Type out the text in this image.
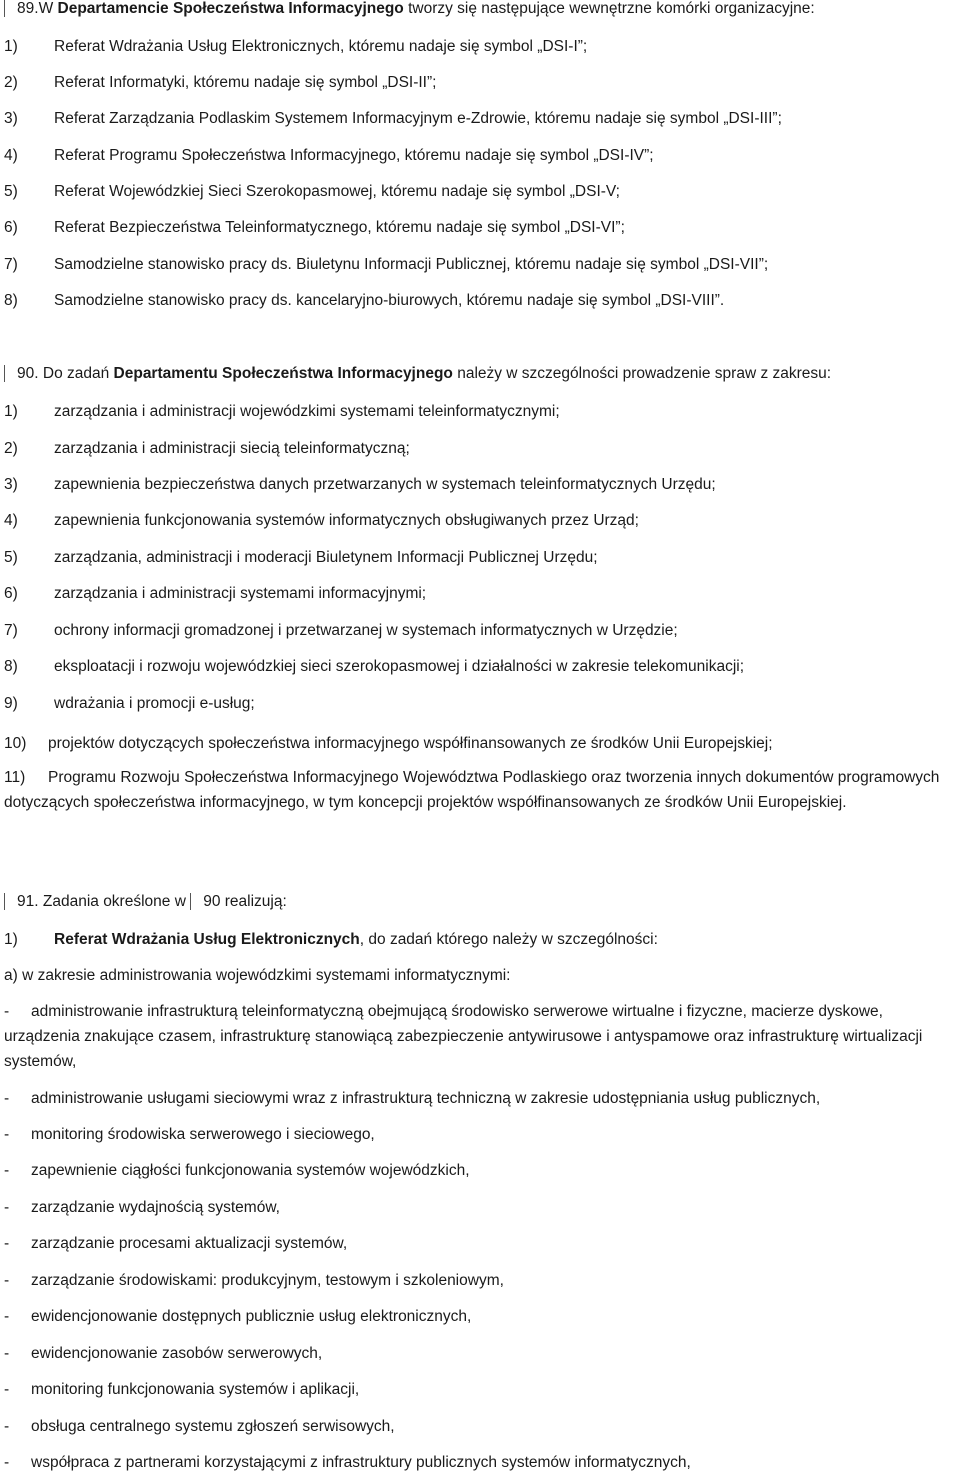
89.W Departamencie Społeczeństwa Informacyjnego tworzy się następujące wewnętrzne komórki organizacyjne:
1) Referat Wdrażania Usług Elektronicznych, któremu nadaje się symbol „DSI-I”;
2) Referat Informatyki, któremu nadaje się symbol „DSI-II”;
3) Referat Zarządzania Podlaskim Systemem Informacyjnym e-Zdrowie, któremu nadaje się symbol „DSI-III”;
4) Referat Programu Społeczeństwa Informacyjnego, któremu nadaje się symbol „DSI-IV”;
5) Referat Wojewódzkiej Sieci Szerokopasmowej, któremu nadaje się symbol „DSI-V;
6) Referat Bezpieczeństwa Teleinformatycznego, któremu nadaje się symbol „DSI-VI”;
7) Samodzielne stanowisko pracy ds. Biuletynu Informacji Publicznej, któremu nadaje się symbol „DSI-VII”;
8) Samodzielne stanowisko pracy ds. kancelaryjno-biurowych, któremu nadaje się symbol „DSI-VIII”.
90. Do zadań Departamentu Społeczeństwa Informacyjnego należy w szczególności prowadzenie spraw z zakresu:
1) zarządzania i administracji wojewódzkimi systemami teleinformatycznymi;
2) zarządzania i administracji siecią teleinformatyczną;
3) zapewnienia bezpieczeństwa danych przetwarzanych w systemach teleinformatycznych Urzędu;
4) zapewnienia funkcjonowania systemów informatycznych obsługiwanych przez Urząd;
5) zarządzania, administracji i moderacji Biuletynem Informacji Publicznej Urzędu;
6) zarządzania i administracji systemami informacyjnymi;
7) ochrony informacji gromadzonej i przetwarzanej w systemach informatycznych w Urzędzie;
8) eksploatacji i rozwoju wojewódzkiej sieci szerokopasmowej i działalności w zakresie telekomunikacji;
9) wdrażania i promocji e-usług;
10) projektów dotyczących społeczeństwa informacyjnego współfinansowanych ze środków Unii Europejskiej;
11) Programu Rozwoju Społeczeństwa Informacyjnego Województwa Podlaskiego oraz tworzenia innych dokumentów programowych dotyczących społeczeństwa informacyjnego, w tym koncepcji projektów współfinansowanych ze środków Unii Europejskiej.
91. Zadania określone w 90 realizują:
1) Referat Wdrażania Usług Elektronicznych, do zadań którego należy w szczególności:
a) w zakresie administrowania wojewódzkimi systemami informatycznymi:
- administrowanie infrastrukturą teleinformatyczną obejmującą środowisko serwerowe wirtualne i fizyczne, macierze dyskowe, urządzenia znakujące czasem, infrastrukturę stanowiącą zabezpieczenie antywirusowe i antyspamowe oraz infrastrukturę wirtualizacji systemów,
- administrowanie usługami sieciowymi wraz z infrastrukturą techniczną w zakresie udostępniania usług publicznych,
- monitoring środowiska serwerowego i sieciowego,
- zapewnienie ciągłości funkcjonowania systemów wojewódzkich,
- zarządzanie wydajnością systemów,
- zarządzanie procesami aktualizacji systemów,
- zarządzanie środowiskami: produkcyjnym, testowym i szkoleniowym,
- ewidencjonowanie dostępnych publicznie usług elektronicznych,
- ewidencjonowanie zasobów serwerowych,
- monitoring funkcjonowania systemów i aplikacji,
- obsługa centralnego systemu zgłoszeń serwisowych,
- współpraca z partnerami korzystającymi z infrastruktury publicznych systemów informatycznych,
